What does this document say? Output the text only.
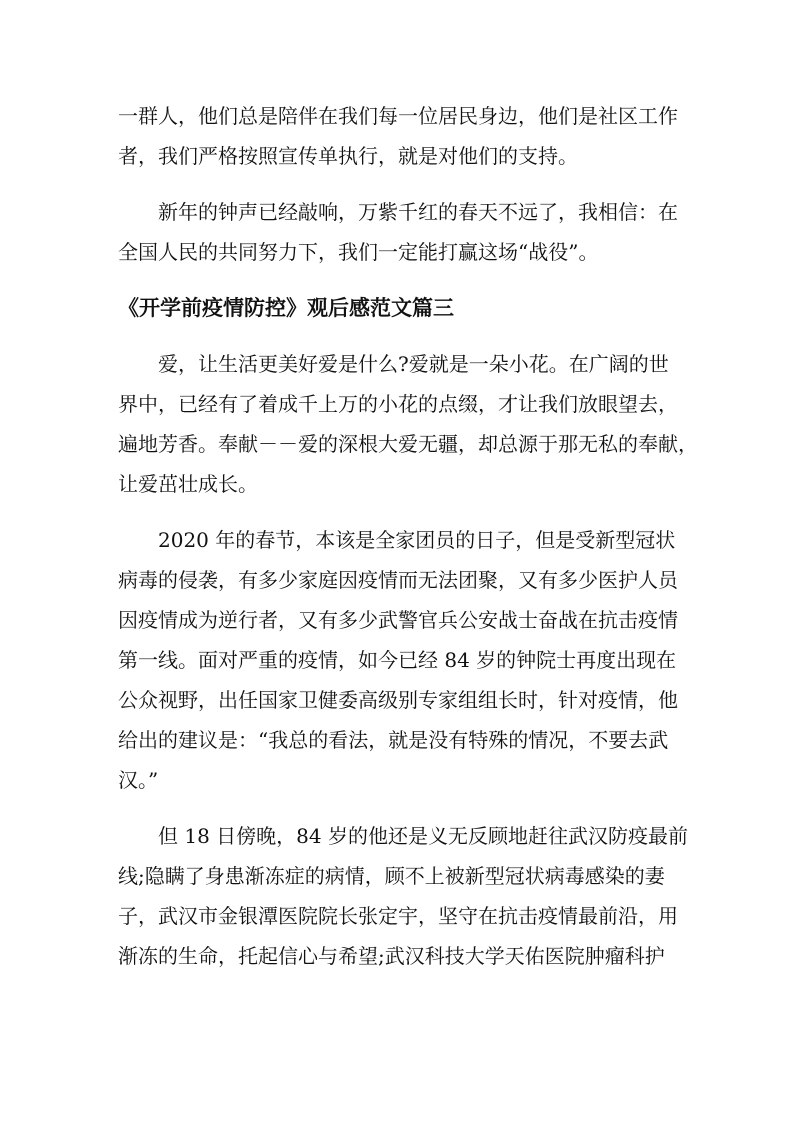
一群人，他们总是陪伴在我们每一位居民身边，他们是社区工作
者，我们严格按照宣传单执行，就是对他们的支持。

新年的钟声已经敲响，万紫千红的春天不远了，我相信：在
全国人民的共同努力下，我们一定能打赢这场“战役”。

《开学前疫情防控》观后感范文篇三

爱，让生活更美好爱是什么?爱就是一朵小花。在广阔的世
界中，已经有了着成千上万的小花的点缀，才让我们放眼望去，
遍地芳香。奉献－－爱的深根大爱无疆，却总源于那无私的奉献，
让爱茁壮成长。

2020 年的春节，本该是全家团员的日子，但是受新型冠状
病毒的侵袭，有多少家庭因疫情而无法团聚，又有多少医护人员
因疫情成为逆行者，又有多少武警官兵公安战士奋战在抗击疫情
第一线。面对严重的疫情，如今已经 84 岁的钟院士再度出现在
公众视野，出任国家卫健委高级别专家组组长时，针对疫情，他
给出的建议是：“我总的看法，就是没有特殊的情况，不要去武
汉。”

但 18 日傍晚，84 岁的他还是义无反顾地赶往武汉防疫最前
线;隐瞒了身患渐冻症的病情，顾不上被新型冠状病毒感染的妻
子，武汉市金银潭医院院长张定宇，坚守在抗击疫情最前沿，用
渐冻的生命，托起信心与希望;武汉科技大学天佑医院肿瘤科护
